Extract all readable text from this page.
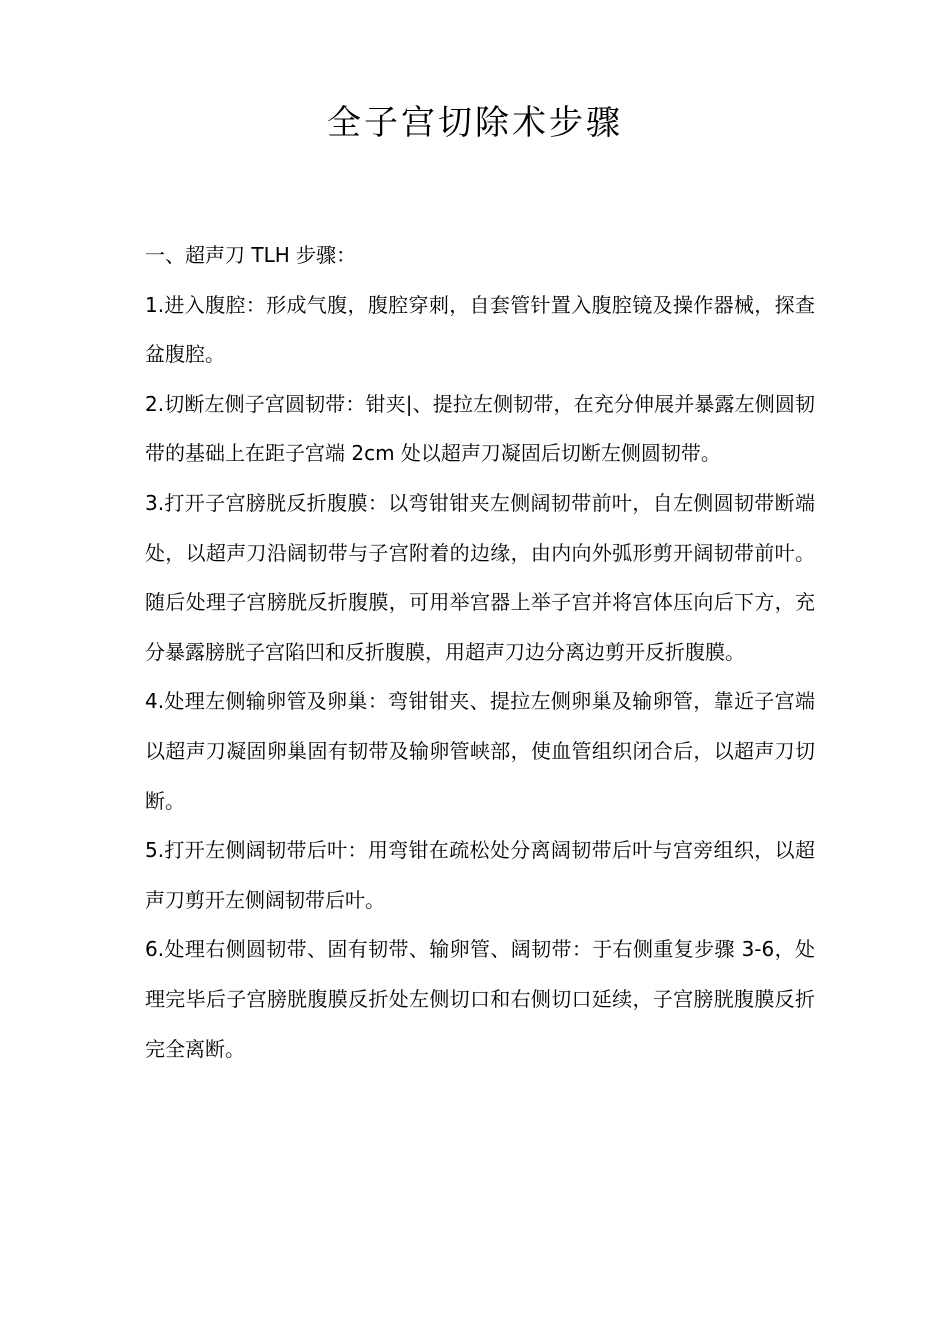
全子宫切除术步骤

一、超声刀 TLH 步骤：

1.进入腹腔：形成气腹，腹腔穿刺，自套管针置入腹腔镜及操作器械，探查盆腹腔。

2.切断左侧子宫圆韧带：钳夹|、提拉左侧韧带，在充分伸展并暴露左侧圆韧带的基础上在距子宫端 2cm 处以超声刀凝固后切断左侧圆韧带。

3.打开子宫膀胱反折腹膜：以弯钳钳夹左侧阔韧带前叶，自左侧圆韧带断端处，以超声刀沿阔韧带与子宫附着的边缘，由内向外弧形剪开阔韧带前叶。随后处理子宫膀胱反折腹膜，可用举宫器上举子宫并将宫体压向后下方，充分暴露膀胱子宫陷凹和反折腹膜，用超声刀边分离边剪开反折腹膜。

4.处理左侧输卵管及卵巢：弯钳钳夹、提拉左侧卵巢及输卵管，靠近子宫端以超声刀凝固卵巢固有韧带及输卵管峡部，使血管组织闭合后，以超声刀切断。

5.打开左侧阔韧带后叶：用弯钳在疏松处分离阔韧带后叶与宫旁组织，以超声刀剪开左侧阔韧带后叶。

6.处理右侧圆韧带、固有韧带、输卵管、阔韧带：于右侧重复步骤 3-6，处理完毕后子宫膀胱腹膜反折处左侧切口和右侧切口延续，子宫膀胱腹膜反折完全离断。
